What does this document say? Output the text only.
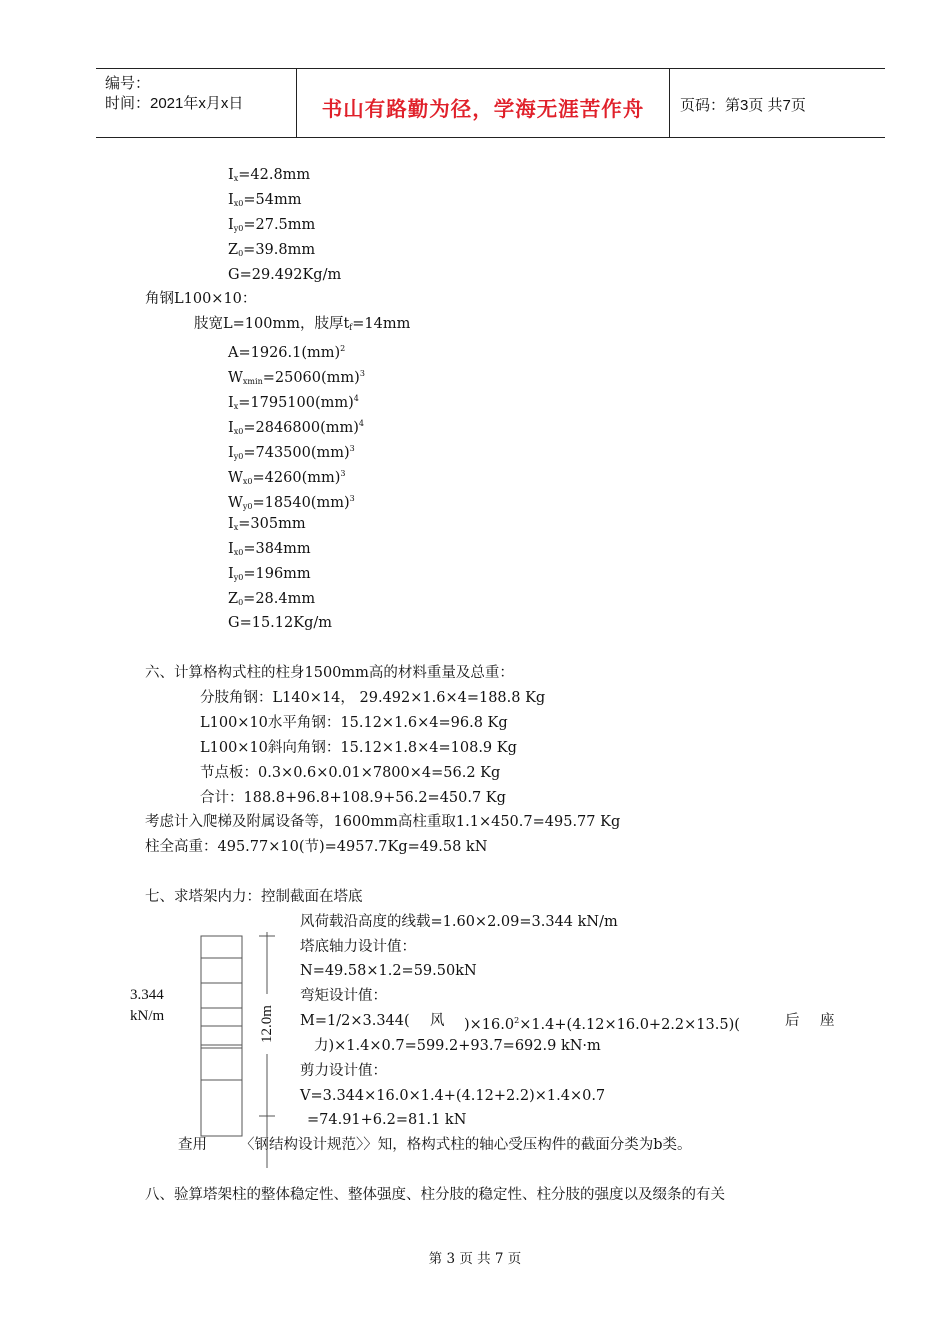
编号：
时间：2021年x月x日	书山有路勤为径，学海无涯苦作舟	页码：第3页 共7页
$I_x=42.8mm$
$I_{x0}=54mm$
$I_{y0}=27.5mm$
$Z_0=39.8mm$
G=29.492Kg/m
角钢L100×10：
肢宽L=100mm，肢厚$t_f=14mm$
A=1926.1(mm)$^2$
$W_{xmin}=25060(mm)^3$
$I_x=1795100(mm)^4$
$I_{x0}=2846800(mm)^4$
$I_{y0}=743500(mm)^3$
$W_{x0}=4260(mm)^3$
$W_{y0}=18540(mm)^3$
$I_x=305mm$
$I_{x0}=384mm$
$I_{y0}=196mm$
$Z_0=28.4mm$
G=15.12Kg/m
六、计算格构式柱的柱身1500mm高的材料重量及总重：
分肢角钢：L140×14， 29.492×1.6×4=188.8 Kg
L100×10水平角钢：15.12×1.6×4=96.8 Kg
L100×10斜向角钢：15.12×1.8×4=108.9 Kg
节点板：0.3×0.6×0.01×7800×4=56.2 Kg
合计：188.8+96.8+108.9+56.2=450.7 Kg
考虑计入爬梯及附属设备等，1600mm高柱重取1.1×450.7=495.77 Kg
柱全高重：495.77×10(节)=4957.7Kg=49.58 kN
七、求塔架内力：控制截面在塔底
风荷载沿高度的线载=1.60×2.09=3.344 kN/m
塔底轴力设计值：
N=49.58×1.2=59.50kN
弯矩设计值：
M=1/2×3.344( 风 )$\times 16.0^2\times 1.4+(4.12\times 16.0+2.2\times 13.5)$(	后 座
力)×1.4×0.7=599.2+93.7=692.9 kN·m
剪力设计值：
V=3.344×16.0×1.4+(4.12+2.2)×1.4×0.7
=74.91+6.2=81.1 kN
查用 〈钢结构设计规范〉〉知，格构式柱的轴心受压构件的截面分类为b类。
3.344
kN/m	12.0m
八、验算塔架柱的整体稳定性、整体强度、柱分肢的稳定性、柱分肢的强度以及缀条的有关
第 3 页 共 7 页
